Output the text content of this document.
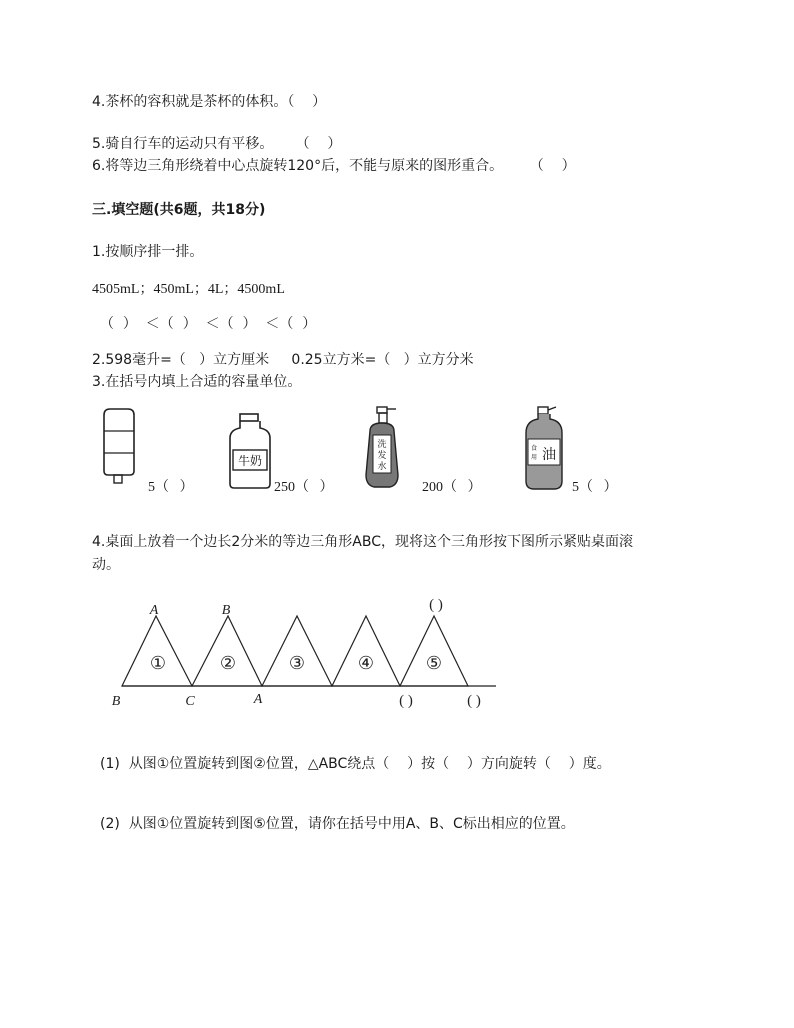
4.茶杯的容积就是茶杯的体积。（    ）
5.骑自行车的运动只有平移。     （    ）
6.将等边三角形绕着中心点旋转120°后，不能与原来的图形重合。      （    ）
三.填空题(共6题，共18分)
1.按顺序排一排。
4505mL；450mL；4L；4500mL
（  ）  ＜（  ）  ＜（  ）  ＜（  ）
2.598毫升=（   ）立方厘米     0.25立方米=（   ）立方分米
3.在括号内填上合适的容量单位。
5（   ）
牛奶
250（   ）
洗
发
水
200（   ）
食
用 油
5（   ）
4.桌面上放着一个边长2分米的等边三角形ABC，现将这个三角形按下图所示紧贴桌面滚
动。
①	②	③	④	⑤
A	B
B	C	A
( )
( )	( )
(1)  从图①位置旋转到图②位置，△ABC绕点（    ）按（    ）方向旋转（    ）度。
(2)  从图①位置旋转到图⑤位置，请你在括号中用A、B、C标出相应的位置。
